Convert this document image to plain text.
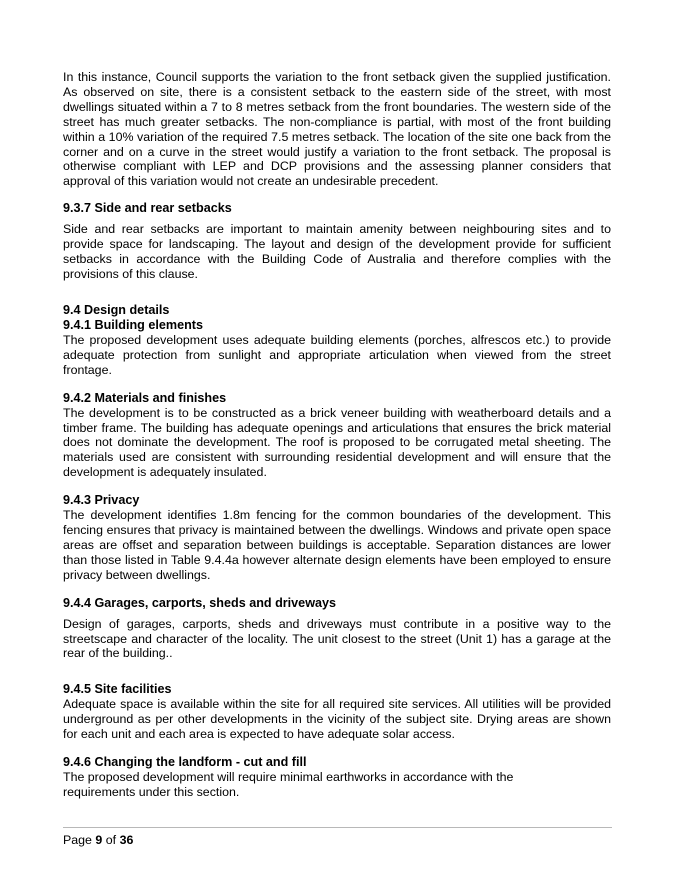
In this instance, Council supports the variation to the front setback given the supplied justification. As observed on site, there is a consistent setback to the eastern side of the street, with most dwellings situated within a 7 to 8 metres setback from the front boundaries. The western side of the street has much greater setbacks. The non-compliance is partial, with most of the front building within a 10% variation of the required 7.5 metres setback. The location of the site one back from the corner and on a curve in the street would justify a variation to the front setback. The proposal is otherwise compliant with LEP and DCP provisions and the assessing planner considers that approval of this variation would not create an undesirable precedent.

9.3.7 Side and rear setbacks

Side and rear setbacks are important to maintain amenity between neighbouring sites and to provide space for landscaping. The layout and design of the development provide for sufficient setbacks in accordance with the Building Code of Australia and therefore complies with the provisions of this clause.

9.4 Design details

9.4.1 Building elements

The proposed development uses adequate building elements (porches, alfrescos etc.) to provide adequate protection from sunlight and appropriate articulation when viewed from the street frontage.

9.4.2 Materials and finishes

The development is to be constructed as a brick veneer building with weatherboard details and a timber frame. The building has adequate openings and articulations that ensures the brick material does not dominate the development. The roof is proposed to be corrugated metal sheeting. The materials used are consistent with surrounding residential development and will ensure that the development is adequately insulated.

9.4.3 Privacy

The development identifies 1.8m fencing for the common boundaries of the development. This fencing ensures that privacy is maintained between the dwellings. Windows and private open space areas are offset and separation between buildings is acceptable. Separation distances are lower than those listed in Table 9.4.4a however alternate design elements have been employed to ensure privacy between dwellings.

9.4.4 Garages, carports, sheds and driveways

Design of garages, carports, sheds and driveways must contribute in a positive way to the streetscape and character of the locality. The unit closest to the street (Unit 1) has a garage at the rear of the building..

9.4.5 Site facilities

Adequate space is available within the site for all required site services. All utilities will be provided underground as per other developments in the vicinity of the subject site. Drying areas are shown for each unit and each area is expected to have adequate solar access.

9.4.6 Changing the landform - cut and fill

The proposed development will require minimal earthworks in accordance with the requirements under this section.

Page 9 of 36
